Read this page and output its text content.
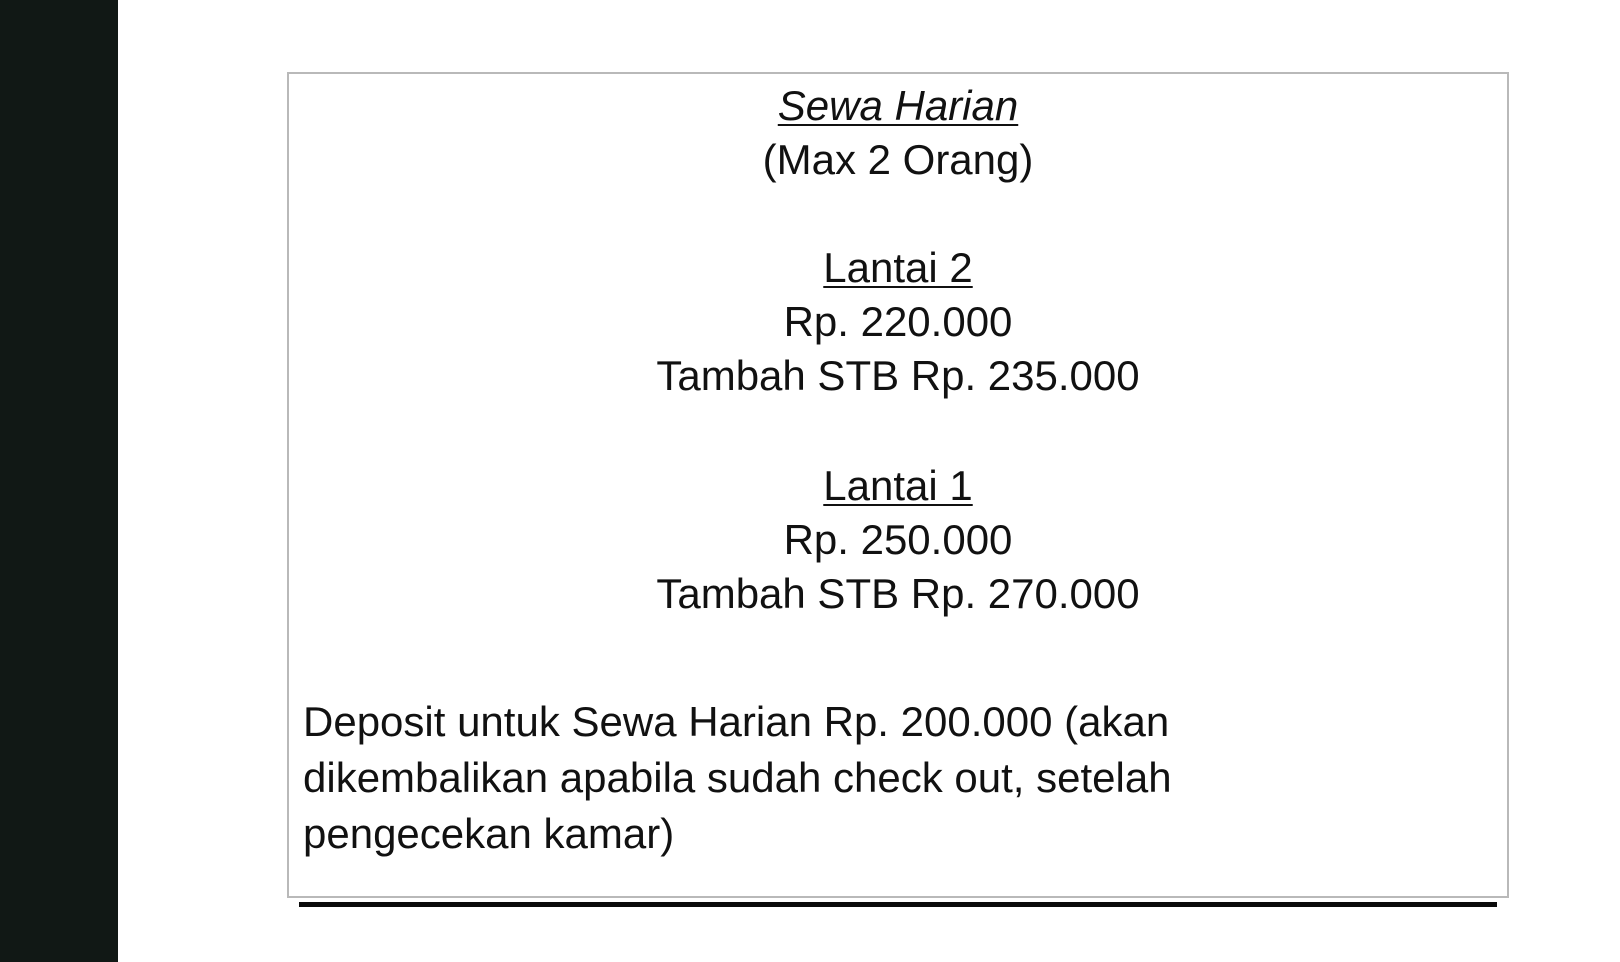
Sewa Harian
(Max 2 Orang)
Lantai 2
Rp. 220.000
Tambah STB Rp. 235.000
Lantai 1
Rp. 250.000
Tambah STB Rp. 270.000
Deposit untuk Sewa Harian Rp. 200.000 (akan dikembalikan apabila sudah check out, setelah pengecekan kamar)
